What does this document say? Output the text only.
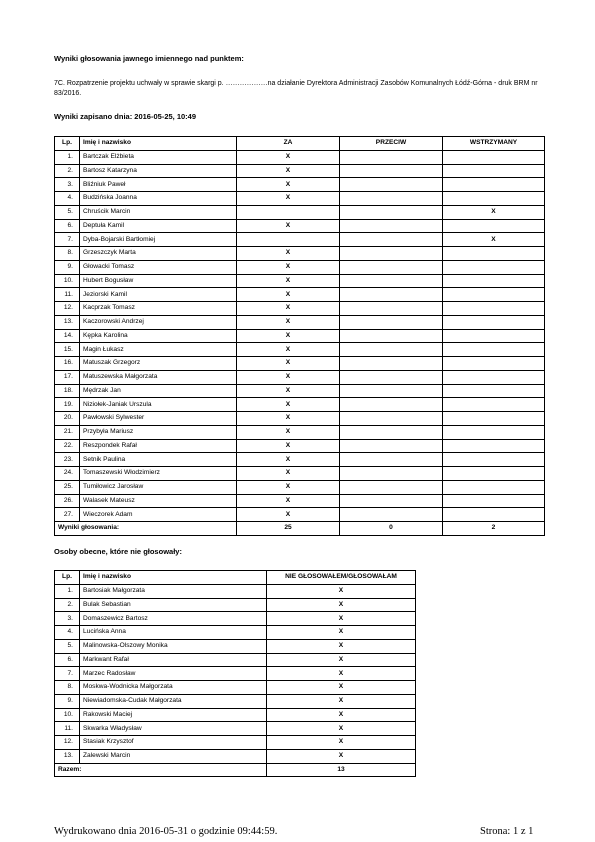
Wyniki głosowania jawnego imiennego nad punktem:
7C. Rozpatrzenie projektu uchwały w sprawie skargi p. ………………na działanie Dyrektora Administracji Zasobów Komunalnych Łódź-Górna - druk BRM nr 83/2016.
Wyniki zapisano dnia: 2016-05-25, 10:49
Lp.	Imię i nazwisko	ZA	PRZECIW	WSTRZYMANY
1.	Bartczak Elżbieta	X		
2.	Bartosz Katarzyna	X		
3.	Bliźniuk Paweł	X		
4.	Budzińska Joanna	X		
5.	Chruścik Marcin			X
6.	Deptuła Kamil	X		
7.	Dyba-Bojarski Bartłomiej			X
8.	Grzeszczyk Marta	X		
9.	Głowacki Tomasz	X		
10.	Hubert Bogusław	X		
11.	Jeziorski Kamil	X		
12.	Kacprzak Tomasz	X		
13.	Kaczorowski Andrzej	X		
14.	Kępka Karolina	X		
15.	Magin Łukasz	X		
16.	Matuszak Grzegorz	X		
17.	Matuszewska Małgorzata	X		
18.	Mędrzak Jan	X		
19.	Niziołek-Janiak Urszula	X		
20.	Pawłowski Sylwester	X		
21.	Przybyła Mariusz	X		
22.	Reszpondek Rafał	X		
23.	Setnik Paulina	X		
24.	Tomaszewski Włodzimierz	X		
25.	Tumiłowicz Jarosław	X		
26.	Walasek Mateusz	X		
27.	Wieczorek Adam	X		
Wyniki głosowania:		25	0	2
Osoby obecne, które nie głosowały:
Lp.	Imię i nazwisko	NIE GŁOSOWAŁEM/GŁOSOWAŁAM
1.	Bartosiak Małgorzata	X
2.	Bulak Sebastian	X
3.	Domaszewicz Bartosz	X
4.	Lucińska Anna	X
5.	Malinowska-Olszowy Monika	X
6.	Markwant Rafał	X
7.	Marzec Radosław	X
8.	Moskwa-Wodnicka Małgorzata	X
9.	Niewiadomska-Cudak Małgorzata	X
10.	Rakowski Maciej	X
11.	Skwarka Władysław	X
12.	Stasiak Krzysztof	X
13.	Zalewski Marcin	X
Razem:		13
Wydrukowano dnia 2016-05-31 o godzinie 09:44:59.	Strona: 1 z 1
